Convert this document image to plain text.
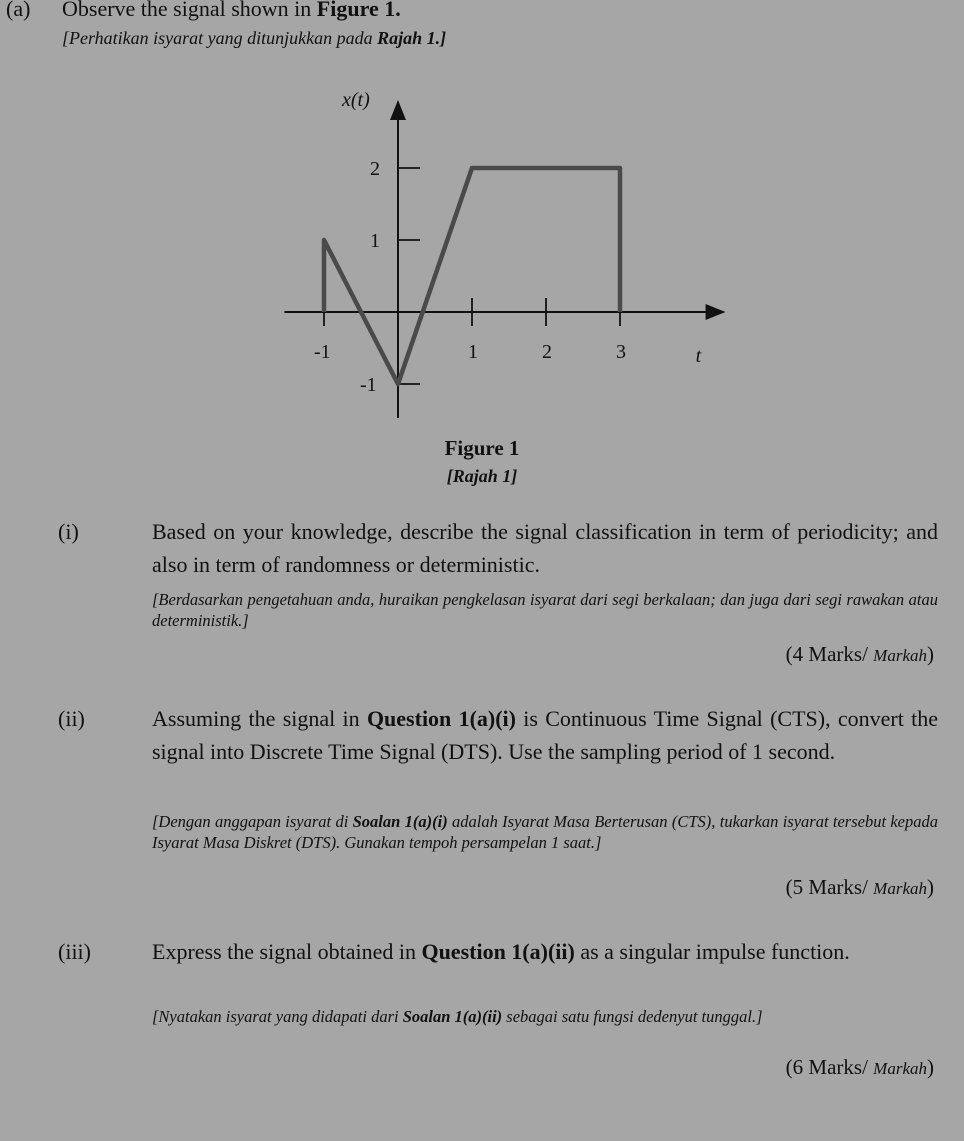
(a) Observe the signal shown in Figure 1.
[Perhatikan isyarat yang ditunjukkan pada Rajah 1.]
-1	1	2	3
2
1
-1
x(t)
t
Figure 1
[Rajah 1]
(i)	Based on your knowledge, describe the signal classification in term of periodicity; and also in term of randomness or deterministic.
[Berdasarkan pengetahuan anda, huraikan pengkelasan isyarat dari segi berkalaan; dan juga dari segi rawakan atau deterministik.]
(4 Marks/ Markah)
(ii)	Assuming the signal in Question 1(a)(i) is Continuous Time Signal (CTS), convert the signal into Discrete Time Signal (DTS). Use the sampling period of 1 second.
[Dengan anggapan isyarat di Soalan 1(a)(i) adalah Isyarat Masa Berterusan (CTS), tukarkan isyarat tersebut kepada Isyarat Masa Diskret (DTS). Gunakan tempoh persampelan 1 saat.]
(5 Marks/ Markah)
(iii)	Express the signal obtained in Question 1(a)(ii) as a singular impulse function.
[Nyatakan isyarat yang didapati dari Soalan 1(a)(ii) sebagai satu fungsi dedenyut tunggal.]
(6 Marks/ Markah)
